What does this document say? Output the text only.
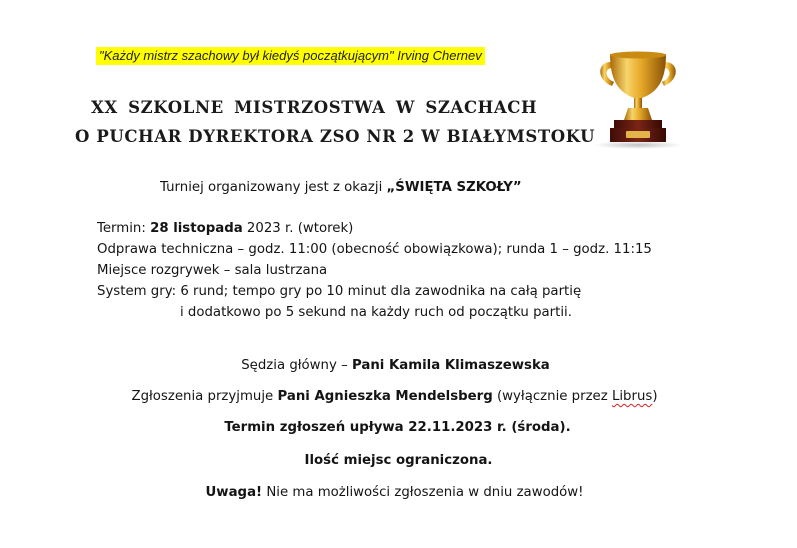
"Każdy mistrz szachowy był kiedyś początkującym" Irving Chernev
XX SZKOLNE MISTRZOSTWA W SZACHACH
O PUCHAR DYREKTORA ZSO NR 2 W BIAŁYMSTOKU
Turniej organizowany jest z okazji „ŚWIĘTA SZKOŁY”
Termin: 28 listopada 2023 r. (wtorek)
Odprawa techniczna – godz. 11:00 (obecność obowiązkowa); runda 1 – godz. 11:15
Miejsce rozgrywek – sala lustrzana
System gry: 6 rund; tempo gry po 10 minut dla zawodnika na całą partię
i dodatkowo po 5 sekund na każdy ruch od początku partii.
Sędzia główny – Pani Kamila Klimaszewska
Zgłoszenia przyjmuje Pani Agnieszka Mendelsberg (wyłącznie przez Librus)
Termin zgłoszeń upływa 22.11.2023 r. (środa).
Ilość miejsc ograniczona.
Uwaga! Nie ma możliwości zgłoszenia w dniu zawodów!
